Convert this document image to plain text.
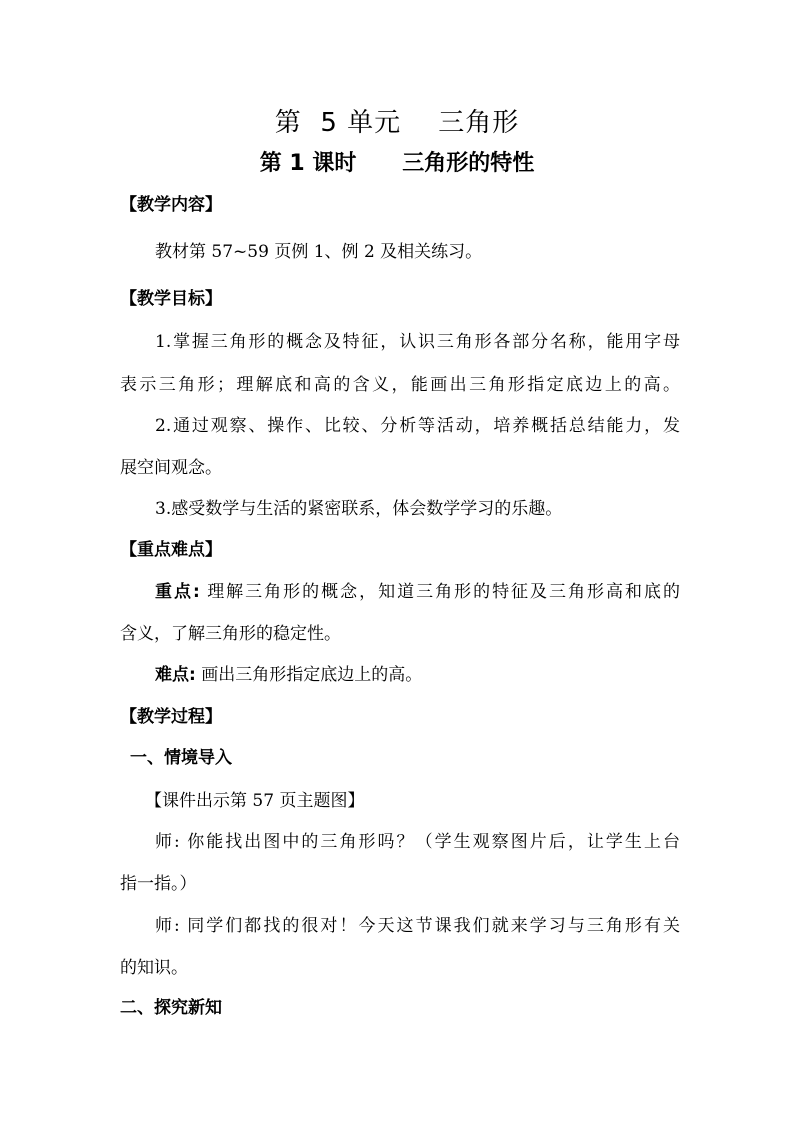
第  5 单元    三角形
第 1 课时      三角形的特性
【教学内容】
教材第 57~59 页例 1、例 2 及相关练习。
【教学目标】
1.掌握三角形的概念及特征，认识三角形各部分名称，能用字母
表示三角形；理解底和高的含义，能画出三角形指定底边上的高。
2.通过观察、操作、比较、分析等活动，培养概括总结能力，发
展空间观念。
3.感受数学与生活的紧密联系，体会数学学习的乐趣。
【重点难点】
重点: 理解三角形的概念，知道三角形的特征及三角形高和底的
含义，了解三角形的稳定性。
难点: 画出三角形指定底边上的高。
【教学过程】
一、情境导入
【课件出示第 57 页主题图】
师: 你能找出图中的三角形吗？（学生观察图片后，让学生上台
指一指。）
师: 同学们都找的很对！今天这节课我们就来学习与三角形有关
的知识。
二、探究新知
